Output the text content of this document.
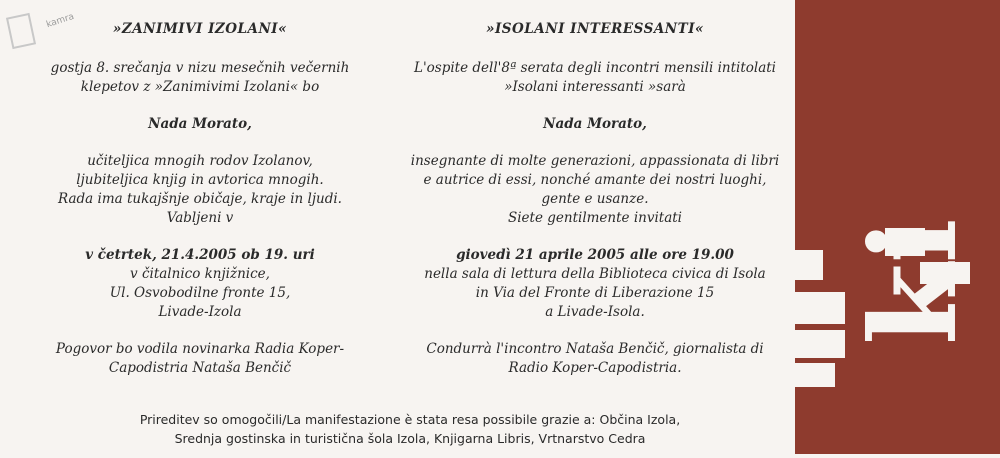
kamra	»ZANIMIVI IZOLANI«

gostja 8. srečanja v nizu mesečnih večernih

klepetov z »Zanimivimi Izolani« bo

Nada Morato,

učiteljica mnogih rodov Izolanov,

ljubiteljica knjig in avtorica mnogih.

Rada ima tukajšnje običaje, kraje in ljudi.

Vabljeni v

v četrtek, 21.4.2005 ob 19. uri

v čitalnico knjižnice,

Ul. Osvobodilne fronte 15,

Livade-Izola

Pogovor bo vodila novinarka Radia Koper-

Capodistria Nataša Benčič

»ISOLANI INTERESSANTI«

L'ospite dell'8ª serata degli incontri mensili intitolati

»Isolani interessanti »sarà

Nada Morato,

insegnante di molte generazioni, appassionata di libri

e autrice di essi, nonché amante dei nostri luoghi,

gente e usanze.

Siete gentilmente invitati

giovedì 21 aprile 2005 alle ore 19.00

nella sala di lettura della Biblioteca civica di Isola

in Via del Fronte di Liberazione 15

a Livade-Isola.

Condurrà l'incontro Nataša Benčič, giornalista di

Radio Koper-Capodistria.

Prireditev so omogočili/La manifestazione è stata resa possibile grazie a: Občina Izola,

Srednja gostinska in turistična šola Izola, Knjigarna Libris, Vrtnarstvo Cedra

ki
